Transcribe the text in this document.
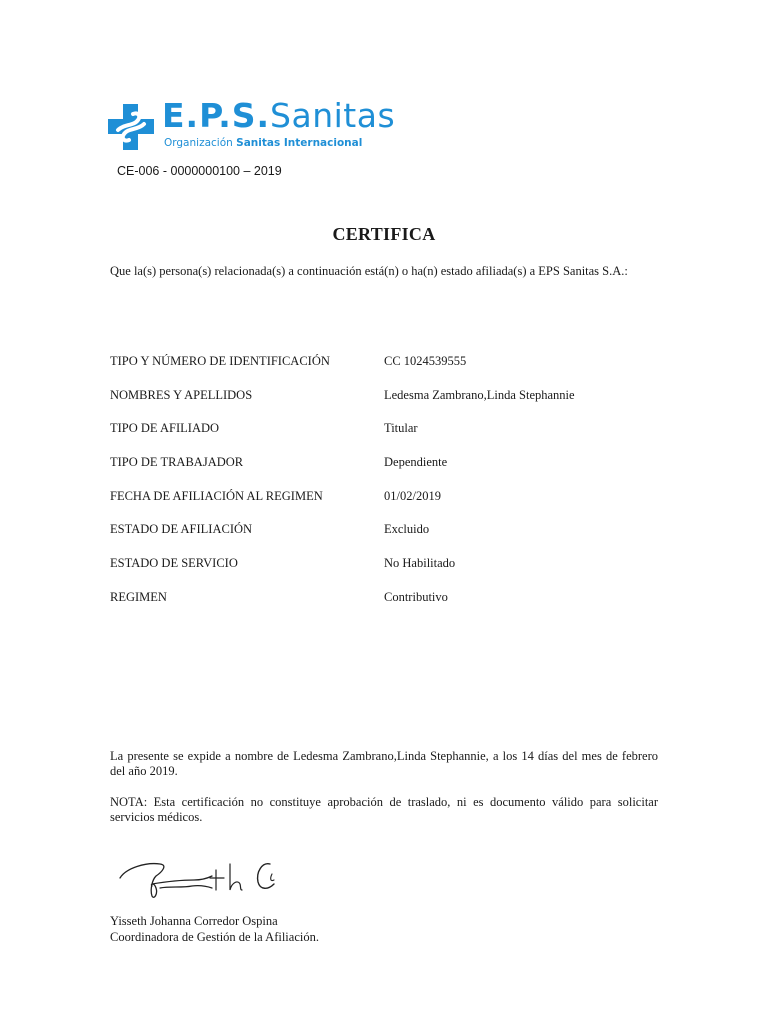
E.P.S.Sanitas
Organización Sanitas Internacional
CE-006 - 0000000100 – 2019
CERTIFICA
Que la(s) persona(s) relacionada(s) a continuación está(n) o ha(n) estado afiliada(s) a EPS Sanitas S.A.:
TIPO Y NÚMERO DE IDENTIFICACIÓN	CC 1024539555
NOMBRES Y APELLIDOS	Ledesma Zambrano,Linda Stephannie
TIPO DE AFILIADO	Titular
TIPO DE TRABAJADOR	Dependiente
FECHA DE AFILIACIÓN AL REGIMEN	01/02/2019
ESTADO DE AFILIACIÓN	Excluido
ESTADO DE SERVICIO	No Habilitado
REGIMEN	Contributivo
La presente se expide a nombre de Ledesma Zambrano,Linda Stephannie, a los 14 días del mes de febrero del año 2019.
NOTA: Esta certificación no constituye aprobación de traslado, ni es documento válido para solicitar servicios médicos.
Yisseth Johanna Corredor Ospina
Coordinadora de Gestión de la Afiliación.
